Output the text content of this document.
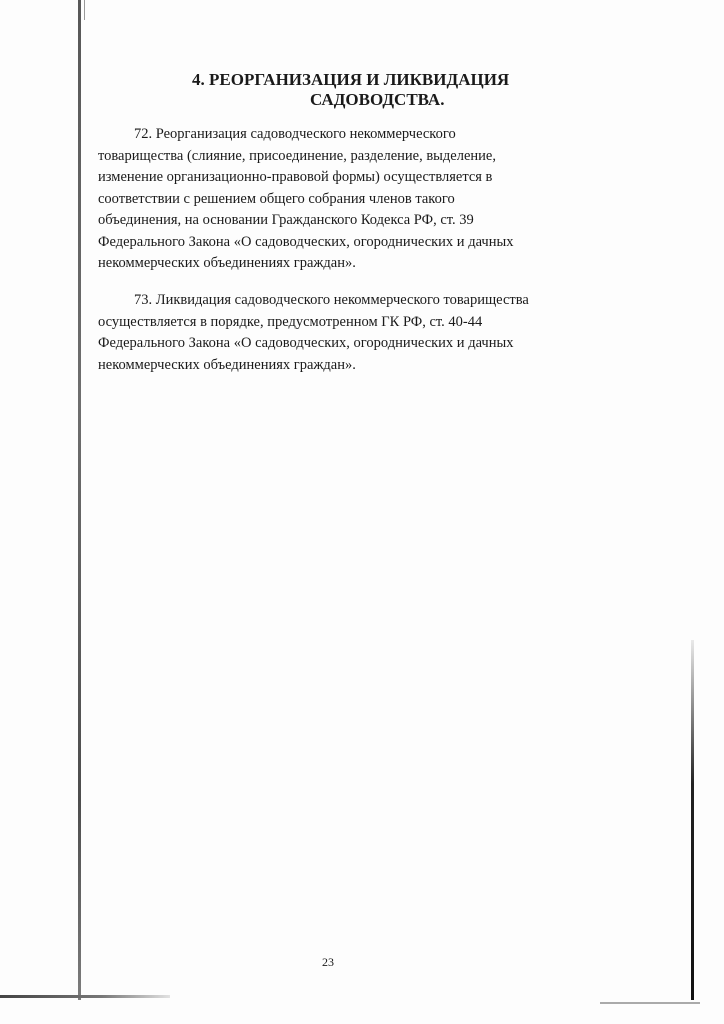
4. РЕОРГАНИЗАЦИЯ И ЛИКВИДАЦИЯ
САДОВОДСТВА.
72. Реорганизация садоводческого некоммерческого
товарищества (слияние, присоединение, разделение, выделение,
изменение организационно-правовой формы) осуществляется в
соответствии с решением общего собрания членов такого
объединения, на основании Гражданского Кодекса РФ, ст. 39
Федерального Закона «О садоводческих, огороднических и дачных
некоммерческих объединениях граждан».
73. Ликвидация садоводческого некоммерческого товарищества
осуществляется в порядке, предусмотренном ГК РФ, ст. 40-44
Федерального Закона «О садоводческих, огороднических и дачных
некоммерческих объединениях граждан».
23
